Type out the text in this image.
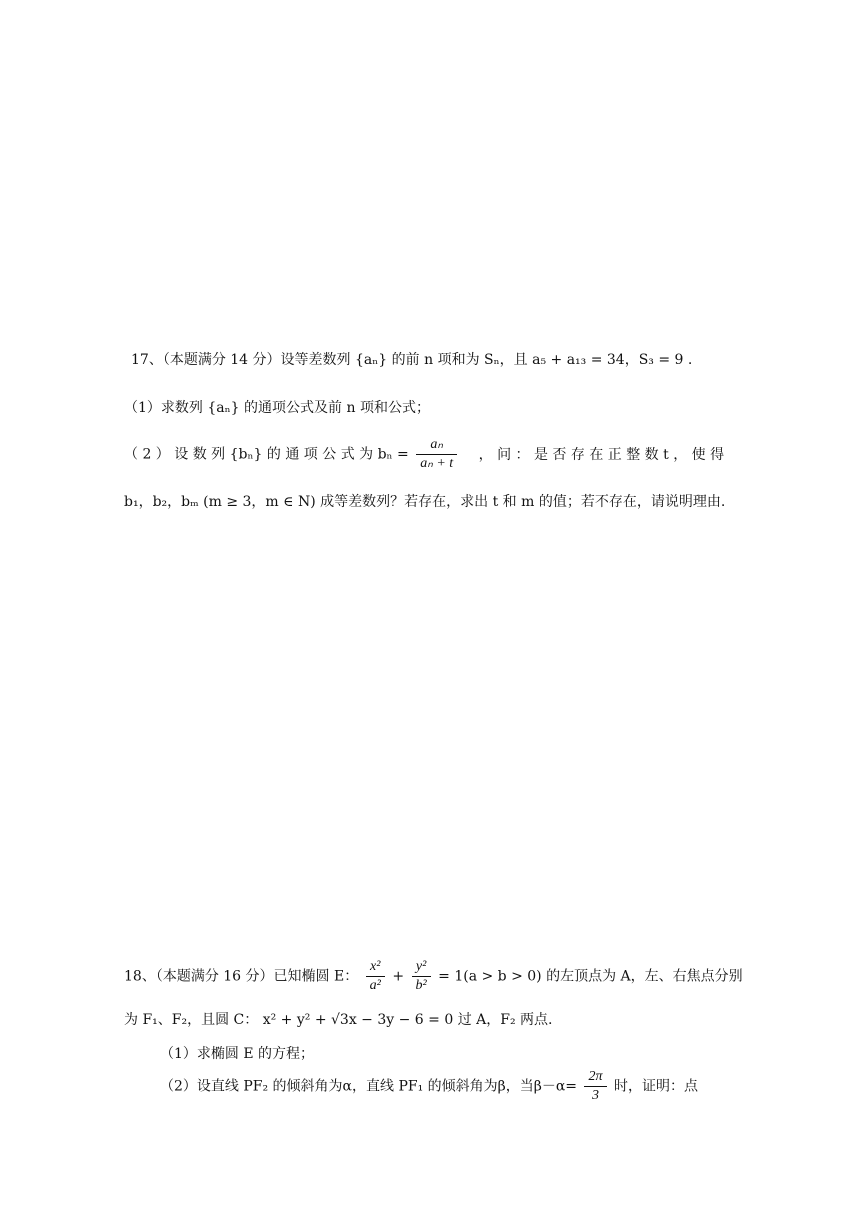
17、（本题满分 14 分）设等差数列 {aₙ} 的前 n 项和为 Sₙ，且 a₅ + a₁₃ = 34，S₃ = 9 .
（1）求数列 {aₙ} 的通项公式及前 n 项和公式；
（ 2 ） 设 数 列 {bₙ} 的 通 项 公 式 为 $b_n = \frac{\text{aₙ}}{\text{aₙ + t}}$ ， 问 ： 是 否 存 在 正 整 数 t ， 使 得
b₁，b₂，bₘ (m ≥ 3，m ∈ N) 成等差数列？若存在，求出 t 和 m 的值；若不存在，请说明理由.
18、（本题满分 16 分）已知椭圆 E： $\frac{\text{x²}}{\text{a²}} + \frac{\text{y²}}{\text{b²}} = 1(a > b > 0)$ 的左顶点为 A，左、右焦点分别
为 F₁、F₂，且圆 C： x² + y² + √3x − 3y − 6 = 0 过 A，F₂ 两点.
（1）求椭圆 E 的方程；
（2）设直线 PF₂ 的倾斜角为α，直线 PF₁ 的倾斜角为β，当$\beta-\alpha= \frac{2\pi}{3}$ 时，证明：点
